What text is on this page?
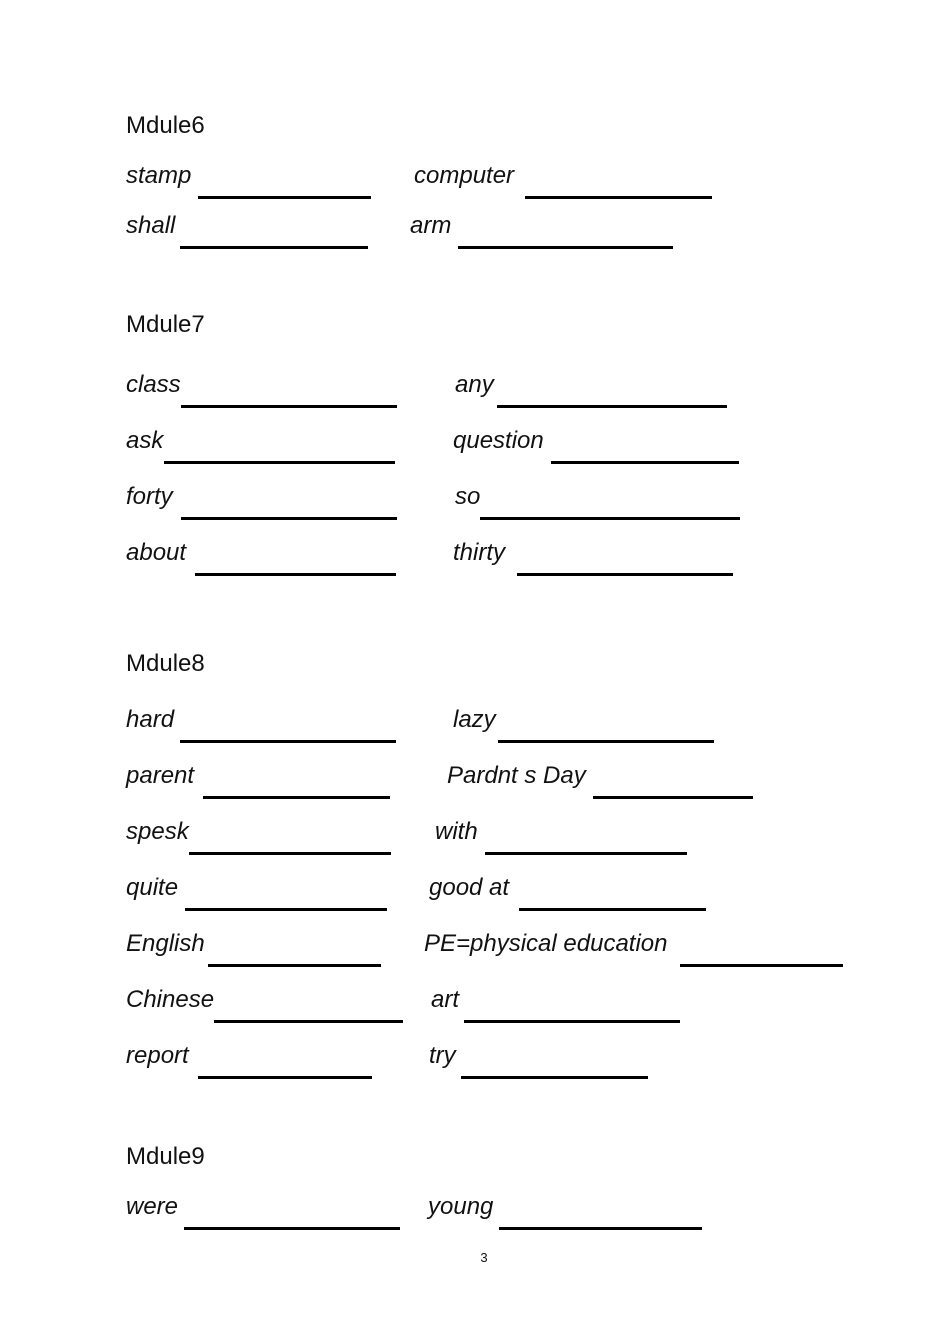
Mdule6
stamp	computer
shall	arm
Mdule7
class	any
ask	question
forty	so
about	thirty
Mdule8
hard	lazy
parent	Pardnt s Day
spesk	with
quite	good at
English	PE=physical education
Chinese	art
report	try
Mdule9
were	young
3
